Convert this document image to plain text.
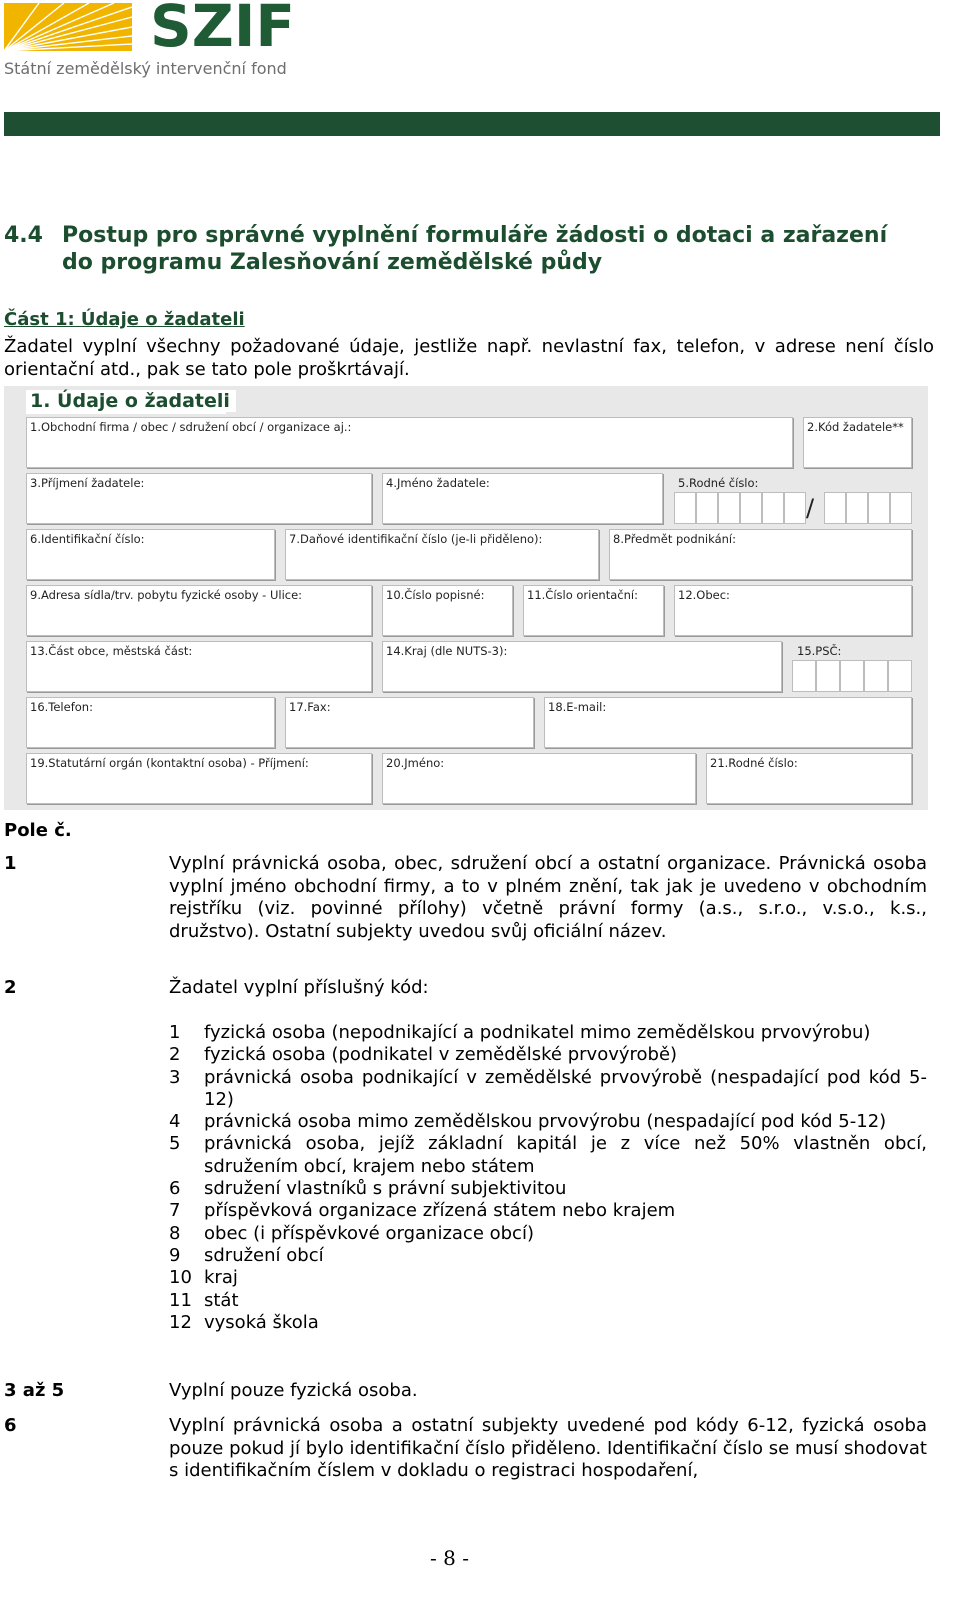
SZIF
Státní zemědělský intervenční fond
4.4 Postup pro správné vyplnění formuláře žádosti o dotaci a zařazení
do programu Zalesňování zemědělské půdy
Část 1: Údaje o žadateli
Žadatel vyplní všechny požadované údaje, jestliže např. nevlastní fax, telefon, v adrese není číslo orientační atd., pak se tato pole proškrtávají.
1. Údaje o žadateli
1.Obchodní firma / obec / sdružení obcí / organizace aj.:	2.Kód žadatele**
3.Příjmení žadatele:	4.Jméno žadatele:	5.Rodné číslo:
/
6.Identifikační číslo:	7.Daňové identifikační číslo (je-li přiděleno):	8.Předmět podnikání:
9.Adresa sídla/trv. pobytu fyzické osoby - Ulice:	10.Číslo popisné:	11.Číslo orientační:	12.Obec:
13.Část obce, městská část:	14.Kraj (dle NUTS-3):	15.PSČ:
16.Telefon:	17.Fax:	18.E-mail:
19.Statutární orgán (kontaktní osoba) - Příjmení:	20.Jméno:	21.Rodné číslo:
Pole č.
1	Vyplní právnická osoba, obec, sdružení obcí a ostatní organizace. Právnická osoba vyplní jméno obchodní firmy, a to v plném znění, tak jak je uvedeno v obchodním rejstříku (viz. povinné přílohy) včetně právní formy (a.s., s.r.o., v.s.o., k.s., družstvo). Ostatní subjekty uvedou svůj oficiální název.
2	Žadatel vyplní příslušný kód:
1	fyzická osoba (nepodnikající a podnikatel mimo zemědělskou prvovýrobu)
2	fyzická osoba (podnikatel v zemědělské prvovýrobě)
3	právnická osoba podnikající v zemědělské prvovýrobě (nespadající pod kód 5-12)
4	právnická osoba mimo zemědělskou prvovýrobu (nespadající pod kód 5-12)
5	právnická osoba, jejíž základní kapitál je z více než 50% vlastněn obcí, sdružením obcí, krajem nebo státem
6	sdružení vlastníků s právní subjektivitou
7	příspěvková organizace zřízená státem nebo krajem
8	obec (i příspěvkové organizace obcí)
9	sdružení obcí
10 kraj
11 stát
12 vysoká škola
3 až 5	Vyplní pouze fyzická osoba.
6	Vyplní právnická osoba a ostatní subjekty uvedené pod kódy 6-12, fyzická osoba pouze pokud jí bylo identifikační číslo přiděleno. Identifikační číslo se musí shodovat s identifikačním číslem v dokladu o registraci hospodaření,
- 8 -
